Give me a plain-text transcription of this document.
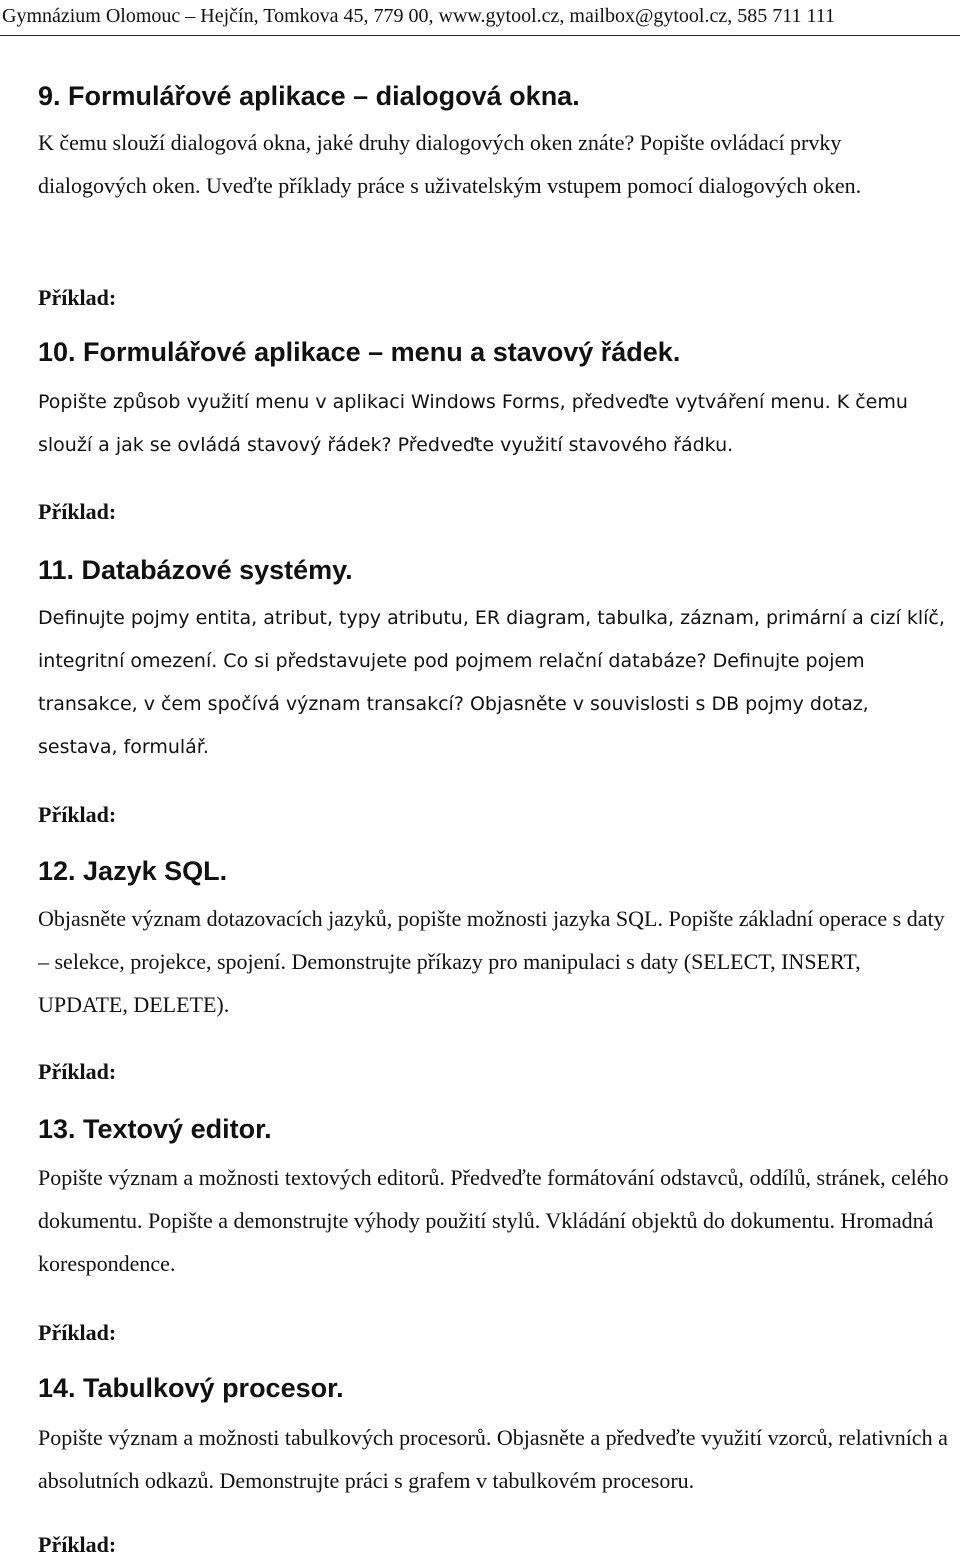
Gymnázium Olomouc – Hejčín, Tomkova 45, 779 00, www.gytool.cz, mailbox@gytool.cz, 585 711 111
9. Formulářové aplikace – dialogová okna.
K čemu slouží dialogová okna, jaké druhy dialogových oken znáte? Popište ovládací prvky dialogových oken. Uveďte příklady práce s uživatelským vstupem pomocí dialogových oken.
Příklad:
10. Formulářové aplikace – menu a stavový řádek.
Popište způsob využití menu v aplikaci Windows Forms, předveďte vytváření menu. K čemu slouží a jak se ovládá stavový řádek? Předveďte využití stavového řádku.
Příklad:
11. Databázové systémy.
Definujte pojmy entita, atribut, typy atributu, ER diagram, tabulka, záznam, primární a cizí klíč, integritní omezení. Co si představujete pod pojmem relační databáze? Definujte pojem transakce, v čem spočívá význam transakcí? Objasněte v souvislosti s DB pojmy dotaz, sestava, formulář.
Příklad:
12. Jazyk SQL.
Objasněte význam dotazovacích jazyků, popište možnosti jazyka SQL. Popište základní operace s daty – selekce, projekce, spojení. Demonstrujte příkazy pro manipulaci s daty (SELECT, INSERT, UPDATE, DELETE).
Příklad:
13. Textový editor.
Popište význam a možnosti textových editorů. Předveďte formátování odstavců, oddílů, stránek, celého dokumentu. Popište a demonstrujte výhody použití stylů. Vkládání objektů do dokumentu. Hromadná korespondence.
Příklad:
14. Tabulkový procesor.
Popište význam a možnosti tabulkových procesorů. Objasněte a předveďte využití vzorců, relativních a absolutních odkazů. Demonstrujte práci s grafem v tabulkovém procesoru.
Příklad:
